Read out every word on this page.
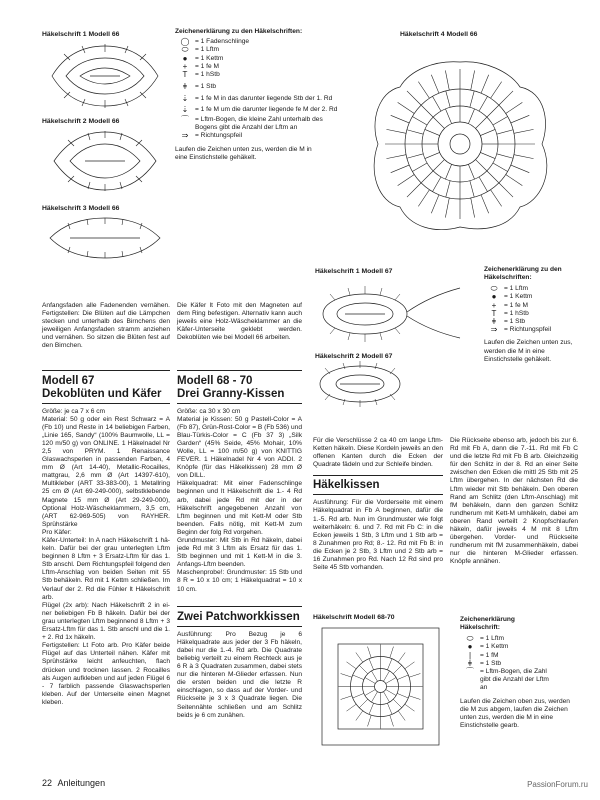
Häkelschrift 1 Modell 66
Häkelschrift 2 Modell 66
Häkelschrift 3 Modell 66
Zeichenerklärung zu den Häkelschriften:
◯ = 1 Fadenschlinge
⬭ = 1 Lftm
●	= 1 Kettm
+	= 1 fe M
T	= 1 hStb
ǂ	= 1 Stb
⇣	= 1 fe M in das darunter liegende Stb der 1. Rd
⇣	= 1 fe M um die darunter liegende fe M der 2. Rd
⌒ = Lftm-Bogen, die kleine Zahl unterhalb des Bogens gibt die Anzahl der Lftm an
⇒	= Richtungspfeil
Laufen die Zeichen unten zus, werden die M in eine Einstichstelle gehäkelt.
Häkelschrift 4 Modell 66
Anfangsfaden alle Fadenenden vernähen. Fertigstellen: Die Blüten auf die Lämpchen stecken und unterhalb des Birnchens den jeweiligen Anfangsfaden stramm anziehen und vernähen. So sitzen die Blüten fest auf den Birnchen.
Die Käfer lt Foto mit den Magneten auf dem Ring befestigen. Alternativ kann auch jeweils eine Holz-Wäscheklammer an die Käfer-Unterseite geklebt werden. Dekoblüten wie bei Modell 66 arbeiten.
Häkelschrift 1 Modell 67
Häkelschrift 2 Modell 67
Zeichenerklärung zu den Häkelschriften:
⬭ = 1 Lftm
●	= 1 Kettm
+	= 1 fe M
T	= 1 hStb
ǂ	= 1 Stb
⇒	= Richtungspfeil
Laufen die Zeichen unten zus, werden die M in eine Einstichstelle gehäkelt.
Modell 67
Dekoblüten und Käfer
Größe: je ca 7 x 6 cm
Material: 50 g oder ein Rest Schwarz = A (Fb 10) und Reste in 14 beliebigen Farben, „Linie 165, Sandy“ (100% Baumwolle, LL = 120 m/50 g) von ONLINE. 1 Häkelnadel Nr 2,5 von PRYM. 1 Renaissance Glaswachsperlen in passenden Farben, 4 mm Ø (Art 14-40), Metallic-Rocailles, mattgrau, 2,6 mm Ø (Art 14397-610), Multikleber (ART 33-383-00), 1 Metallring 25 cm Ø (Art 69-249-000), selbstklebende Magnete 15 mm Ø (Art 29-249-000), Optional Holz-Wäscheklammern, 3,5 cm, (ART 62-969-505) von RAYHER. Sprühstärke
Pro Käfer:
Käfer-Unterteil: In A nach Häkelschrift 1 hä-keln. Dafür bei der grau unterlegten Lftm beginnen 8 Lftm + 3 Ersatz-Lftm für das 1. Stb anschl. Dem Richtungspfeil folgend den Lftm-Anschlag von beiden Seiten mit 55 Stb behäkeln. Rd mit 1 Kettm schließen. Im Verlauf der 2. Rd die Fühler lt Häkelschrift arb.
Flügel (2x arb): Nach Häkelschrift 2 in ei-ner beliebigen Fb B häkeln. Dafür bei der grau unterlegten Lftm beginnend 8 Lftm + 3 Ersatz-Lftm für das 1. Stb anschl und die 1. + 2. Rd 1x häkeln.
Fertigstellen: Lt Foto arb. Pro Käfer beide Flügel auf das Unterteil nähen. Käfer mit Sprühstärke leicht anfeuchten, flach drücken und trocknen lassen. 2 Rocailles als Augen aufkleben und auf jeden Flügel 6 - 7 farblich passende Glaswachsperlen kleben. Auf der Unterseite einen Magnet kleben.
Modell 68 - 70
Drei Granny-Kissen
Größe: ca 30 x 30 cm
Material je Kissen: 50 g Pastell-Color = A (Fb 87), Grün-Rost-Color = B (Fb 536) und Blau-Türkis-Color = C (Fb 37 3) „Silk Garden“ (45% Seide, 45% Mohair, 10% Wolle, LL = 100 m/50 g) von KNITTIG FEVER. 1 Häkelnadel Nr 4 von ADDI. 2 Knöpfe (für das Häkelkissen) 28 mm Ø von DILL.
Häkelquadrat: Mit einer Fadenschlinge beginnen und lt Häkelschrift die 1.- 4 Rd arb, dabei jede Rd mit der in der Häkelschrift angegebenen Anzahl von Lftm beginnen und mit Kett-M oder Stb beenden. Falls nötig, mit Kett-M zum Beginn der folg Rd vorgehen.
Grundmuster: Mit Stb in Rd häkeln, dabei jede Rd mit 3 Lftm als Ersatz für das 1. Stb beginnen und mit 1 Kett-M in die 3. Anfangs-Lftm beenden.
Maschenprobe!: Grundmuster: 15 Stb und 8 R = 10 x 10 cm; 1 Häkelquadrat = 10 x 10 cm.
Zwei Patchworkkissen
Ausführung: Pro Bezug je 6 Häkelquadrate aus jeder der 3 Fb häkeln, dabei nur die 1.-4. Rd arb. Die Quadrate beliebig verteilt zu einem Rechteck aus je 6 R à 3 Quadraten zusammen, dabei stets nur die hinteren M-Glieder erfassen. Nun die ersten beiden und die letzte R einschlagen, so dass auf der Vorder- und Rückseite je 3 x 3 Quadrate liegen. Die Seitennähte schließen und am Schlitz beids je 6 cm zunähen.
Für die Verschlüsse 2 ca 40 cm lange Lftm-Ketten häkeln. Diese Kordeln jeweils an den offenen Kanten durch die Ecken der Quadrate fädeln und zur Schleife binden.
Häkelkissen
Ausführung: Für die Vorderseite mit einem Häkelquadrat in Fb A beginnen, dafür die 1.-5. Rd arb. Nun im Grundmuster wie folgt weiterhäkeln: 6. und 7. Rd mit Fb C: in die Ecken jeweils 1 Stb, 3 Lftm und 1 Stb arb = 8 Zunahmen pro Rd; 8.- 12. Rd mit Fb B: in die Ecken je 2 Stb, 3 Lftm und 2 Stb arb = 16 Zunahmen pro Rd. Nach 12 Rd sind pro Seite 45 Stb vorhanden.
Die Rückseite ebenso arb, jedoch bis zur 6. Rd mit Fb A, dann die 7.-11. Rd mit Fb C und die letzte Rd mit Fb B arb. Gleichzeitig für den Schlitz in der 8. Rd an einer Seite zwischen den Ecken die mittl 25 Stb mit 25 Lftm übergehen. In der nächsten Rd die Lftm wieder mit Stb behäkeln. Den oberen Rand am Schlitz (den Lftm-Anschlag) mit fM behäkeln, dann den ganzen Schlitz rundherum mit Kett-M umhäkeln, dabei am oberen Rand verteilt 2 Knopfschlaufen häkeln, dafür jeweils 4 M mit 8 Lftm übergehen. Vorder- und Rückseite rundherum mit fM zusammenhäkeln, dabei nur die hinteren M-Glieder erfassen. Knöpfe annähen.
Häkelschrift Modell 68-70	Zeichenerklärung Häkelschrift:
⬭ = 1 Lftm
●	= 1 Kettm
|	= 1 fM
ǂ	= 1 Stb
⌒ = Lftm-Bogen, die Zahl gibt die Anzahl der Lftm an
Laufen die Zeichen oben zus, werden die M zus abgem, laufen die Zeichen unten zus, werden die M in eine Einstichstelle gearb.
22 Anleitungen	PassionForum.ru
